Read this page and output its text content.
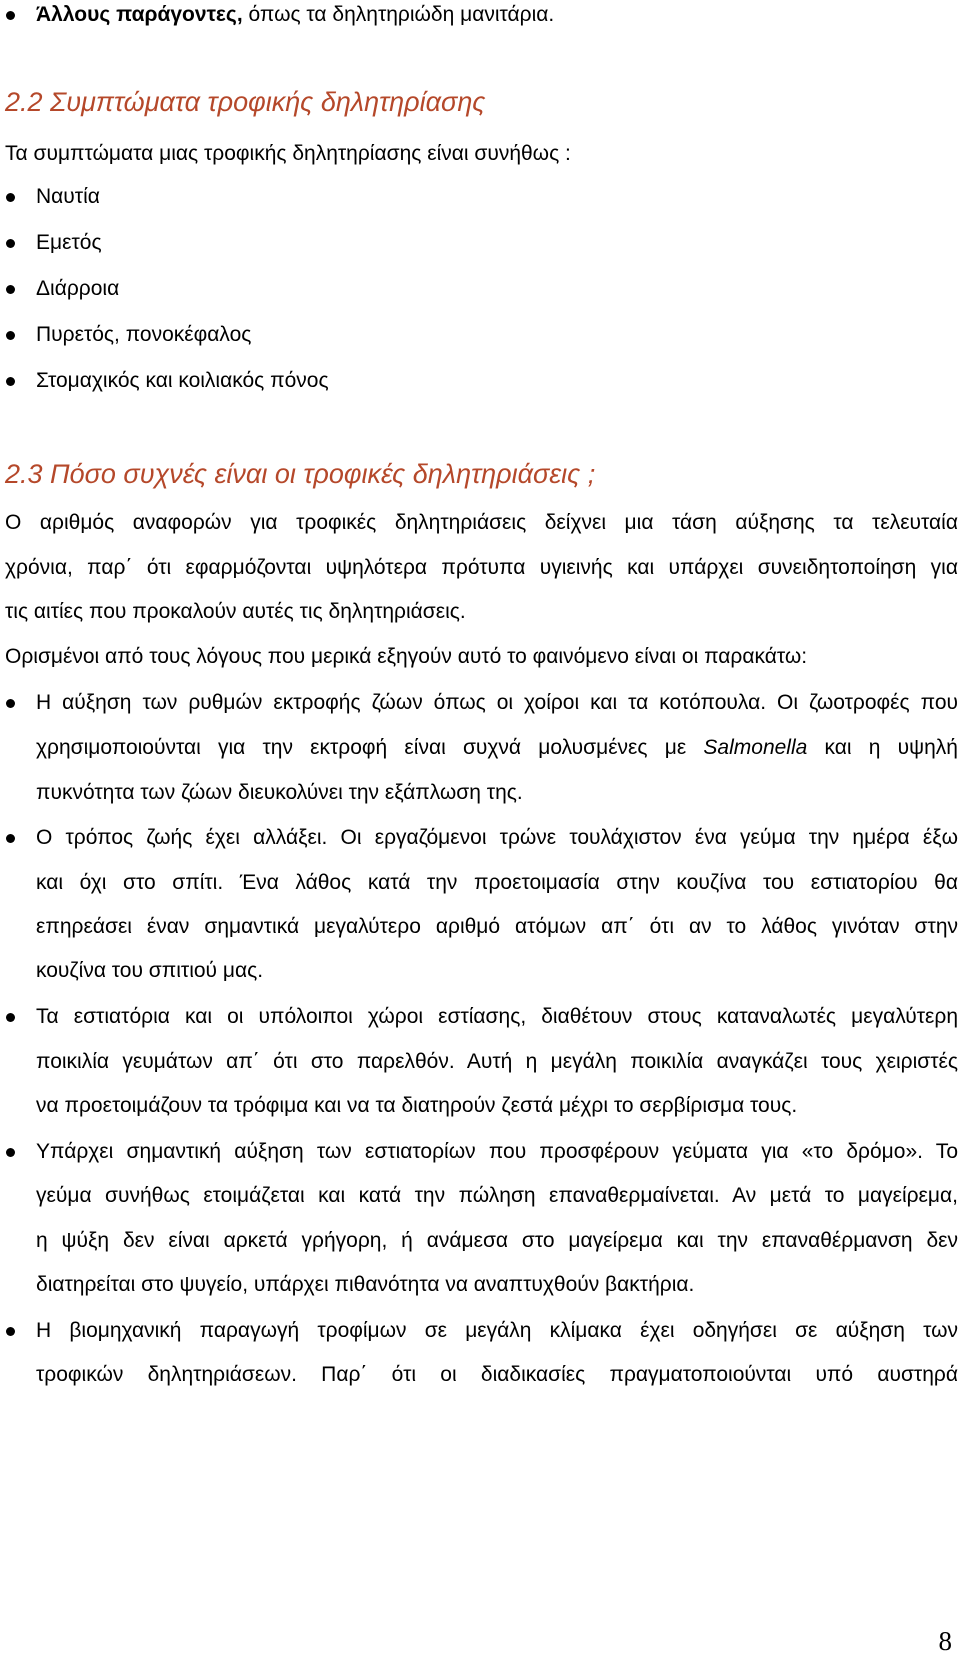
Άλλους παράγοντες, όπως τα δηλητηριώδη μανιτάρια.
2.2 Συμπτώματα τροφικής δηλητηρίασης
Τα συμπτώματα μιας τροφικής δηλητηρίασης είναι συνήθως :
Ναυτία
Εμετός
Διάρροια
Πυρετός, πονοκέφαλος
Στομαχικός και κοιλιακός πόνος
2.3 Πόσο συχνές είναι οι τροφικές δηλητηριάσεις ;
Ο αριθμός αναφορών για τροφικές δηλητηριάσεις δείχνει μια τάση αύξησης τα τελευταία
χρόνια, παρ΄ ότι εφαρμόζονται υψηλότερα πρότυπα υγιεινής και υπάρχει συνειδητοποίηση για
τις αιτίες που προκαλούν αυτές τις δηλητηριάσεις.
Ορισμένοι από τους λόγους που μερικά εξηγούν αυτό το φαινόμενο είναι οι παρακάτω:
Η αύξηση των ρυθμών εκτροφής ζώων όπως οι χοίροι και τα κοτόπουλα. Οι ζωοτροφές που
χρησιμοποιούνται για την εκτροφή είναι συχνά μολυσμένες με Salmonella και η υψηλή
πυκνότητα των ζώων διευκολύνει την εξάπλωση της.
Ο τρόπος ζωής έχει αλλάξει. Οι εργαζόμενοι τρώνε τουλάχιστον ένα γεύμα την ημέρα έξω
και όχι στο σπίτι. Ένα λάθος κατά την προετοιμασία στην κουζίνα του εστιατορίου θα
επηρεάσει έναν σημαντικά μεγαλύτερο αριθμό ατόμων απ΄ ότι αν το λάθος γινόταν στην
κουζίνα του σπιτιού μας.
Τα εστιατόρια και οι υπόλοιποι χώροι εστίασης, διαθέτουν στους καταναλωτές μεγαλύτερη
ποικιλία γευμάτων απ΄ ότι στο παρελθόν. Αυτή η μεγάλη ποικιλία αναγκάζει τους χειριστές
να προετοιμάζουν τα τρόφιμα και να τα διατηρούν ζεστά μέχρι το σερβίρισμα τους.
Υπάρχει σημαντική αύξηση των εστιατορίων που προσφέρουν γεύματα για «το δρόμο». Το
γεύμα συνήθως ετοιμάζεται και κατά την πώληση επαναθερμαίνεται. Αν μετά το μαγείρεμα,
η ψύξη δεν είναι αρκετά γρήγορη, ή ανάμεσα στο μαγείρεμα και την επαναθέρμανση δεν
διατηρείται στο ψυγείο, υπάρχει πιθανότητα να αναπτυχθούν βακτήρια.
Η βιομηχανική παραγωγή τροφίμων σε μεγάλη κλίμακα έχει οδηγήσει σε αύξηση των
τροφικών δηλητηριάσεων. Παρ΄ ότι οι διαδικασίες πραγματοποιούνται υπό αυστηρά
8
